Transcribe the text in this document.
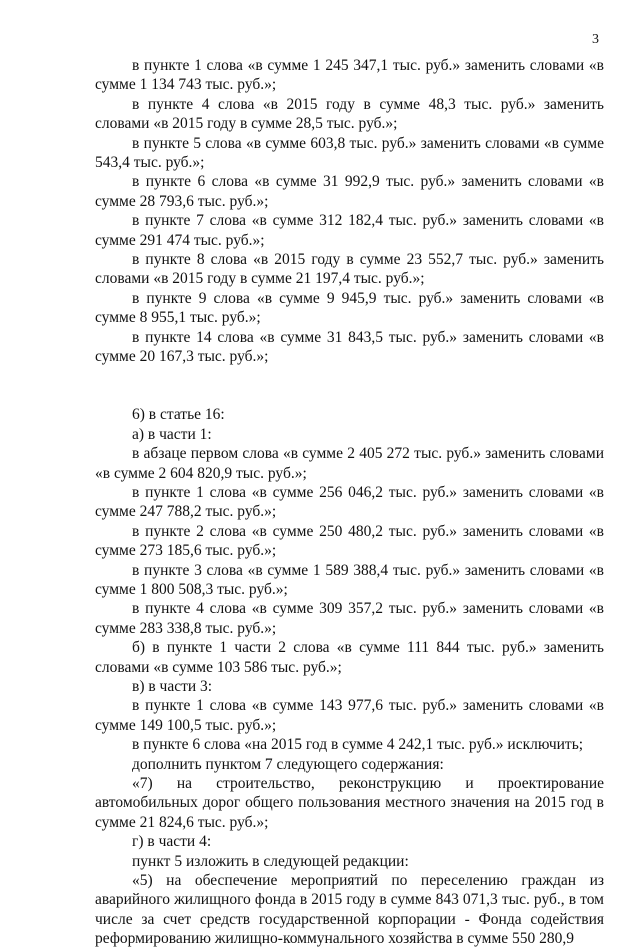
3

в пункте 1 слова «в сумме 1 245 347,1 тыс. руб.» заменить словами «в сумме 1 134 743 тыс. руб.»;

в пункте 4 слова «в 2015 году в сумме 48,3 тыс. руб.» заменить словами «в 2015 году в сумме 28,5 тыс. руб.»;

в пункте 5 слова «в сумме 603,8 тыс. руб.» заменить словами «в сумме 543,4 тыс. руб.»;

в пункте 6 слова «в сумме 31 992,9 тыс. руб.» заменить словами «в сумме 28 793,6 тыс. руб.»;

в пункте 7 слова «в сумме 312 182,4 тыс. руб.» заменить словами «в сумме 291 474 тыс. руб.»;

в пункте 8 слова «в 2015 году в сумме 23 552,7 тыс. руб.» заменить словами «в 2015 году в сумме 21 197,4 тыс. руб.»;

в пункте 9 слова «в сумме 9 945,9 тыс. руб.» заменить словами «в сумме 8 955,1 тыс. руб.»;

в пункте 14 слова «в сумме 31 843,5 тыс. руб.» заменить словами «в сумме 20 167,3 тыс. руб.»;

6) в статье 16:

а) в части 1:

в абзаце первом слова «в сумме 2 405 272 тыс. руб.» заменить словами «в сумме 2 604 820,9 тыс. руб.»;

в пункте 1 слова «в сумме 256 046,2 тыс. руб.» заменить словами «в сумме 247 788,2 тыс. руб.»;

в пункте 2 слова «в сумме 250 480,2 тыс. руб.» заменить словами «в сумме 273 185,6 тыс. руб.»;

в пункте 3 слова «в сумме 1 589 388,4 тыс. руб.» заменить словами «в сумме 1 800 508,3 тыс. руб.»;

в пункте 4 слова «в сумме 309 357,2 тыс. руб.» заменить словами «в сумме 283 338,8 тыс. руб.»;

б) в пункте 1 части 2 слова «в сумме 111 844 тыс. руб.» заменить словами «в сумме 103 586 тыс. руб.»;

в) в части 3:

в пункте 1 слова «в сумме 143 977,6 тыс. руб.» заменить словами «в сумме 149 100,5 тыс. руб.»;

в пункте 6 слова «на 2015 год в сумме 4 242,1 тыс. руб.» исключить;

дополнить пунктом 7 следующего содержания:

«7) на строительство, реконструкцию и проектирование автомобильных дорог общего пользования местного значения на 2015 год в сумме 21 824,6 тыс. руб.»;

г) в части 4:

пункт 5 изложить в следующей редакции:

«5) на обеспечение мероприятий по переселению граждан из аварийного жилищного фонда в 2015 году в сумме 843 071,3 тыс. руб., в том числе за счет средств государственной корпорации - Фонда содействия реформированию жилищно-коммунального хозяйства в сумме 550 280,9
